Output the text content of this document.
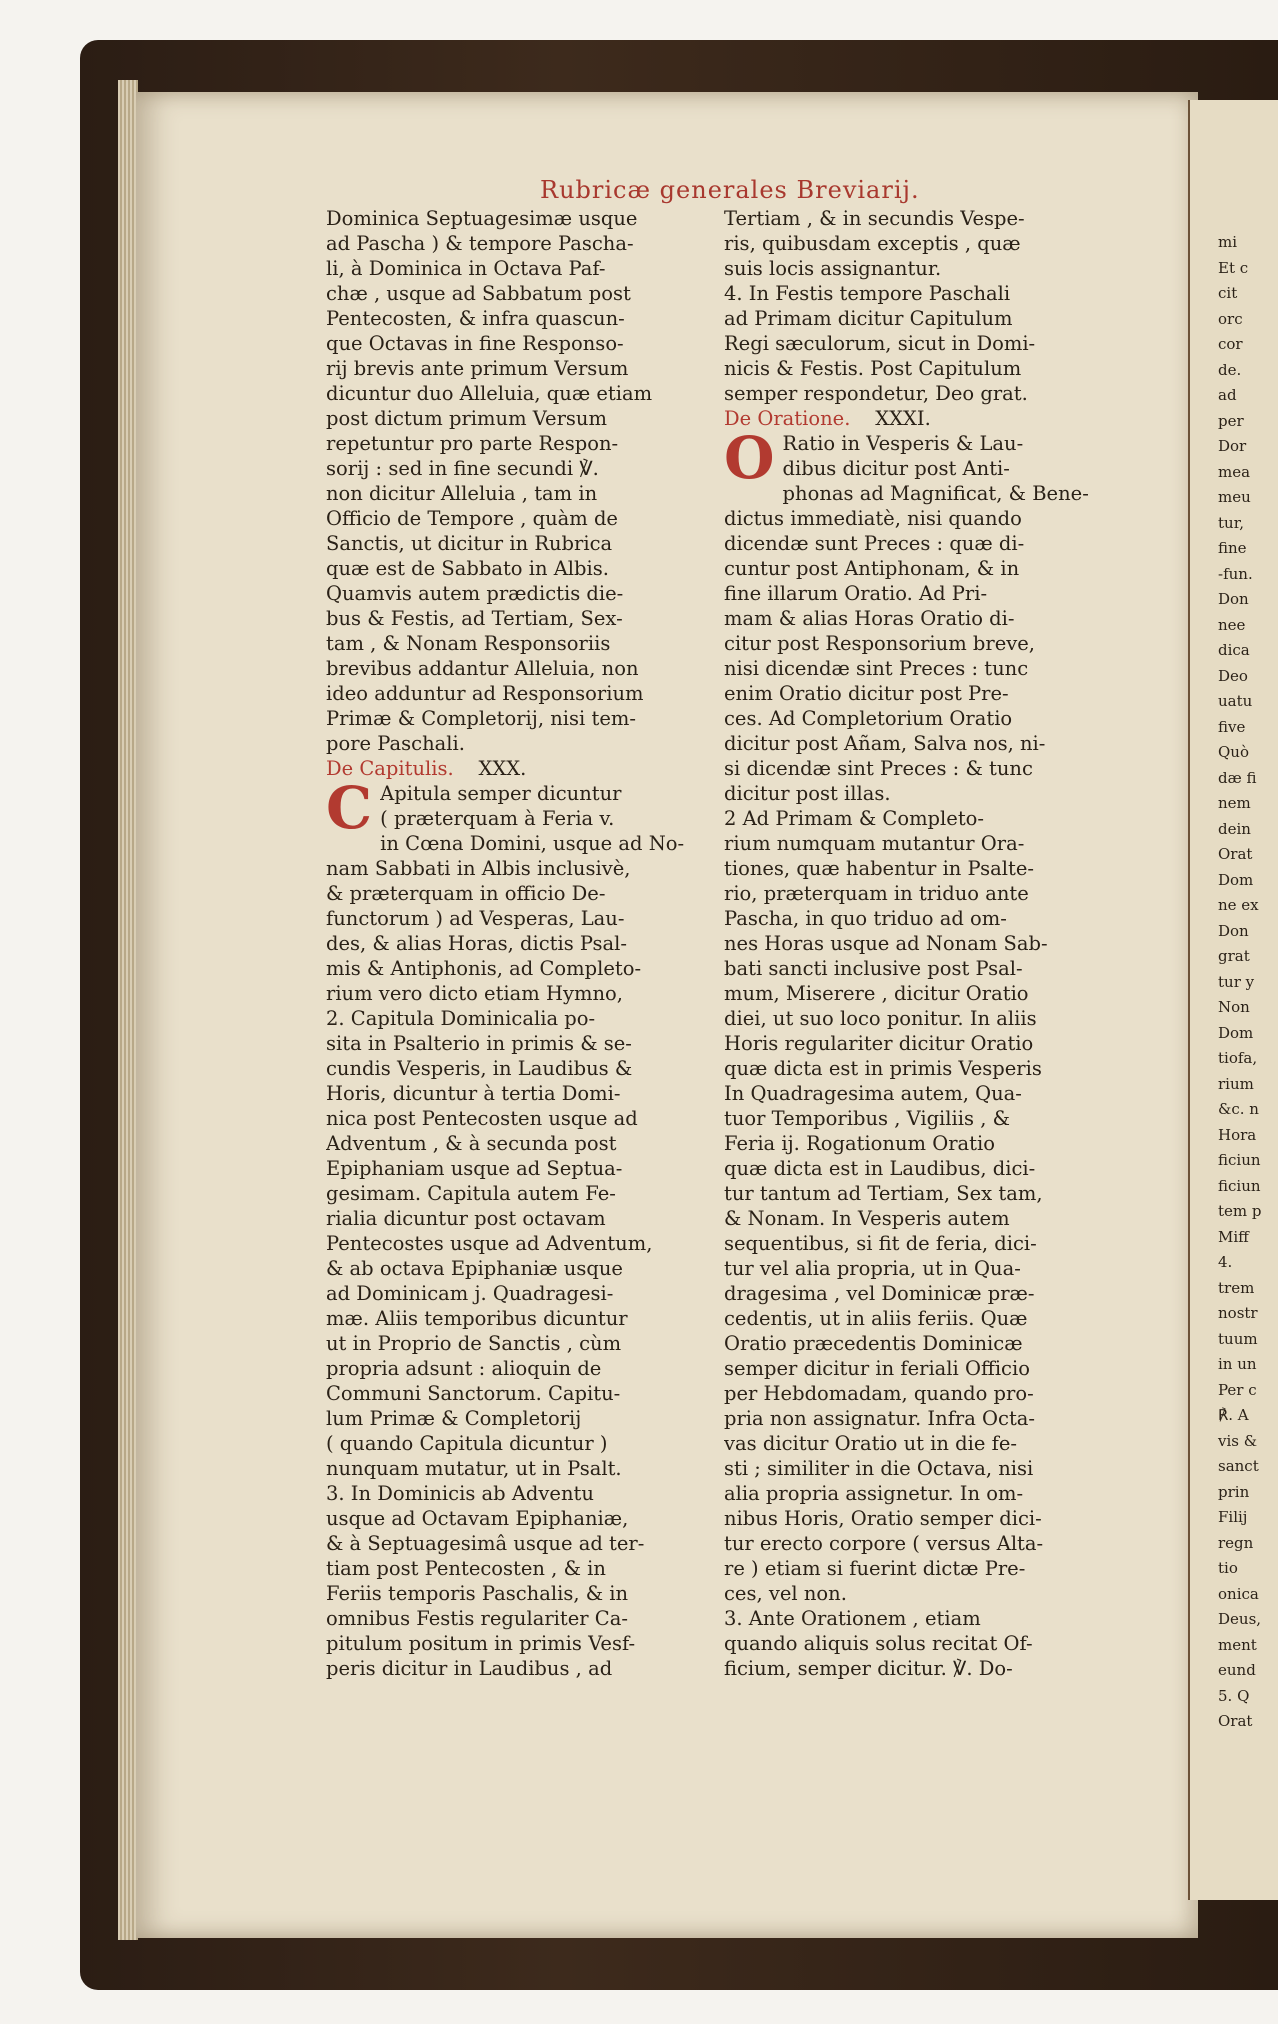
mi
Et c
cit
orc
cor
de.
ad
per
Dor
mea
meu
tur,
fine
-fun.
Don
nee
dica
Deo
uatu
five
Quò
dæ fi
nem
dein
Orat
Dom
ne ex
Don
grat
tur y
Non
Dom
tiofa,
rium
&c. n
Hora
ficiun
ficiun
tem p
Miff
4.
trem
nostr
tuum
in un
Per c
℟. A
vis &
sanct
prin
Filij
regn
tio
onica
Deus,
ment
eund
5. Q
Orat
Rubricæ generales Breviarij.
Dominica Septuagesimæ usque
ad Pascha ) & tempore Pascha-
li, à Dominica in Octava Paf-
chæ , usque ad Sabbatum post
Pentecosten, & infra quascun-
que Octavas in fine Responso-
rij brevis ante primum Versum
dicuntur duo Alleluia, quæ etiam
post dictum primum Versum
repetuntur pro parte Respon-
sorij : sed in fine secundi ℣.
non dicitur Alleluia , tam in
Officio de Tempore , quàm de
Sanctis, ut dicitur in Rubrica
quæ est de Sabbato in Albis.
Quamvis autem prædictis die-
bus & Festis, ad Tertiam, Sex-
tam , & Nonam Responsoriis
brevibus addantur Alleluia, non
ideo adduntur ad Responsorium
Primæ & Completorij, nisi tem-
pore Paschali.
De Capitulis. XXX.
C Apitula semper dicuntur
( præterquam à Feria v.
in Cœna Domini, usque ad No-
nam Sabbati in Albis inclusivè,
& præterquam in officio De-
functorum ) ad Vesperas, Lau-
des, & alias Horas, dictis Psal-
mis & Antiphonis, ad Completo-
rium vero dicto etiam Hymno,
2. Capitula Dominicalia po-
sita in Psalterio in primis & se-
cundis Vesperis, in Laudibus &
Horis, dicuntur à tertia Domi-
nica post Pentecosten usque ad
Adventum , & à secunda post
Epiphaniam usque ad Septua-
gesimam. Capitula autem Fe-
rialia dicuntur post octavam
Pentecostes usque ad Adventum,
& ab octava Epiphaniæ usque
ad Dominicam j. Quadragesi-
mæ. Aliis temporibus dicuntur
ut in Proprio de Sanctis , cùm
propria adsunt : alioquin de
Communi Sanctorum. Capitu-
lum Primæ & Completorij
( quando Capitula dicuntur )
nunquam mutatur, ut in Psalt.
3. In Dominicis ab Adventu
usque ad Octavam Epiphaniæ,
& à Septuagesimâ usque ad ter-
tiam post Pentecosten , & in
Feriis temporis Paschalis, & in
omnibus Festis regulariter Ca-
pitulum positum in primis Vesf-
peris dicitur in Laudibus , ad
Tertiam , & in secundis Vespe-
ris, quibusdam exceptis , quæ
suis locis assignantur.
4. In Festis tempore Paschali
ad Primam dicitur Capitulum
Regi sæculorum, sicut in Domi-
nicis & Festis. Post Capitulum
semper respondetur, Deo grat.
De Oratione. XXXI.
O Ratio in Vesperis & Lau-
dibus dicitur post Anti-
phonas ad Magnificat, & Bene-
dictus immediatè, nisi quando
dicendæ sunt Preces : quæ di-
cuntur post Antiphonam, & in
fine illarum Oratio. Ad Pri-
mam & alias Horas Oratio di-
citur post Responsorium breve,
nisi dicendæ sint Preces : tunc
enim Oratio dicitur post Pre-
ces. Ad Completorium Oratio
dicitur post Añam, Salva nos, ni-
si dicendæ sint Preces : & tunc
dicitur post illas.
2 Ad Primam & Completo-
rium numquam mutantur Ora-
tiones, quæ habentur in Psalte-
rio, præterquam in triduo ante
Pascha, in quo triduo ad om-
nes Horas usque ad Nonam Sab-
bati sancti inclusive post Psal-
mum, Miserere , dicitur Oratio
diei, ut suo loco ponitur. In aliis
Horis regulariter dicitur Oratio
quæ dicta est in primis Vesperis
In Quadragesima autem, Qua-
tuor Temporibus , Vigiliis , &
Feria ij. Rogationum Oratio
quæ dicta est in Laudibus, dici-
tur tantum ad Tertiam, Sex tam,
& Nonam. In Vesperis autem
sequentibus, si fit de feria, dici-
tur vel alia propria, ut in Qua-
dragesima , vel Dominicæ præ-
cedentis, ut in aliis feriis. Quæ
Oratio præcedentis Dominicæ
semper dicitur in feriali Officio
per Hebdomadam, quando pro-
pria non assignatur. Infra Octa-
vas dicitur Oratio ut in die fe-
sti ; similiter in die Octava, nisi
alia propria assignetur. In om-
nibus Horis, Oratio semper dici-
tur erecto corpore ( versus Alta-
re ) etiam si fuerint dictæ Pre-
ces, vel non.
3. Ante Orationem , etiam
quando aliquis solus recitat Of-
ficium, semper dicitur. ℣. Do-
